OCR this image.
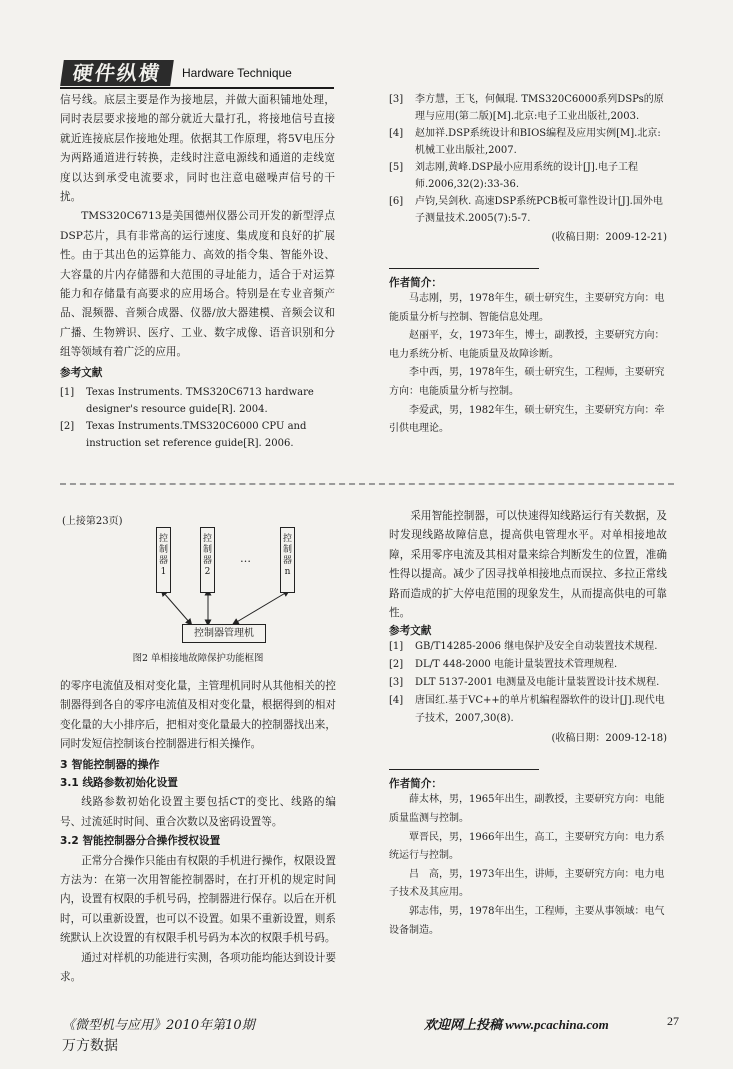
硬件纵横	Hardware Technique

信号线。底层主要是作为接地层，并做大面积铺地处理，同时表层要求接地的部分就近大量打孔，将接地信号直接就近连接底层作接地处理。依据其工作原理，将5V电压分为两路通道进行转换，走线时注意电源线和通道的走线宽度以达到承受电流要求，同时也注意电磁噪声信号的干扰。

TMS320C6713是美国德州仪器公司开发的新型浮点DSP芯片，具有非常高的运行速度、集成度和良好的扩展性。由于其出色的运算能力、高效的指令集、智能外设、大容量的片内存储器和大范围的寻址能力，适合于对运算能力和存储量有高要求的应用场合。特别是在专业音频产品、混频器、音频合成器、仪器/放大器建模、音频会议和广播、生物辨识、医疗、工业、数字成像、语音识别和分组等领域有着广泛的应用。

参考文献
[1] Texas Instruments. TMS320C6713 hardware designer's resource guide[R]. 2004.
[2] Texas Instruments.TMS320C6000 CPU and instruction set reference guide[R]. 2006.
[3] 李方慧，王飞，何佩琨. TMS320C6000系列DSPs的原理与应用(第二版)[M].北京:电子工业出版社,2003.
[4] 赵加祥.DSP系统设计和BIOS编程及应用实例[M].北京:机械工业出版社,2007.
[5] 刘志刚,黄峰.DSP最小应用系统的设计[J].电子工程师.2006,32(2):33-36.
[6] 卢钧,吴剑秋. 高速DSP系统PCB板可靠性设计[J].国外电子测量技术.2005(7):5-7.
(收稿日期：2009-12-21)
作者简介：

马志刚，男，1978年生，硕士研究生，主要研究方向：电能质量分析与控制、智能信息处理。

赵丽平，女，1973年生，博士，副教授，主要研究方向：电力系统分析、电能质量及故障诊断。

李中西，男，1978年生，硕士研究生，工程师，主要研究方向：电能质量分析与控制。

李爱武，男，1982年生，硕士研究生，主要研究方向：牵引供电理论。

(上接第23页)
控制器1
控制器2
…
控制器n
控制器管理机
图2 单相接地故障保护功能框图

的零序电流值及相对变化量，主管理机同时从其他相关的控制器得到各自的零序电流值及相对变化量，根据得到的相对变化量的大小排序后，把相对变化量最大的控制器找出来，同时发短信控制该台控制器进行相关操作。

3 智能控制器的操作
3.1 线路参数初始化设置

线路参数初始化设置主要包括CT的变比、线路的编号、过流延时时间、重合次数以及密码设置等。

3.2 智能控制器分合操作授权设置

正常分合操作只能由有权限的手机进行操作，权限设置方法为：在第一次用智能控制器时，在打开机的规定时间内，设置有权限的手机号码，控制器进行保存。以后在开机时，可以重新设置，也可以不设置。如果不重新设置，则系统默认上次设置的有权限手机号码为本次的权限手机号码。

通过对样机的功能进行实测，各项功能均能达到设计要求。

采用智能控制器，可以快速得知线路运行有关数据，及时发现线路故障信息，提高供电管理水平。对单相接地故障，采用零序电流及其相对量来综合判断发生的位置，准确性得以提高。减少了因寻找单相接地点而误拉、多拉正常线路而造成的扩大停电范围的现象发生，从而提高供电的可靠性。

参考文献
[1] GB/T14285-2006 继电保护及安全自动装置技术规程.
[2] DL/T 448-2000 电能计量装置技术管理规程.
[3] DLT 5137-2001 电测量及电能计量装置设计技术规程.
[4] 唐国红.基于VC++的单片机编程器软件的设计[J].现代电子技术，2007,30(8).
(收稿日期：2009-12-18)
作者简介：

薛太林，男，1965年出生，副教授，主要研究方向：电能质量监测与控制。

覃晋民，男，1966年出生，高工，主要研究方向：电力系统运行与控制。

吕　高，男，1973年出生，讲师，主要研究方向：电力电子技术及其应用。

郭志伟，男，1978年出生，工程师，主要从事领域：电气设备制造。

《微型机与应用》2010年第10期	欢迎网上投稿 www.pcachina.com	27
万方数据
